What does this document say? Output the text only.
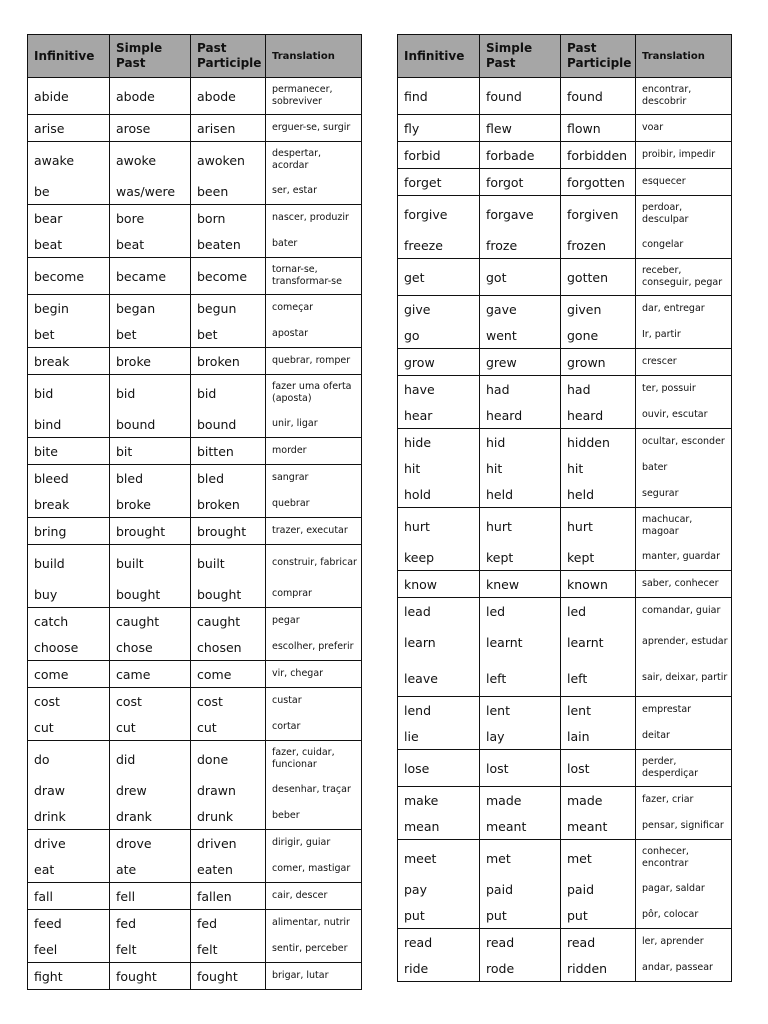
Infinitive	Simple Past	Past Participle	Translation
abide	abode	abode	permanecer, sobreviver
arise	arose	arisen	erguer-se, surgir
awake	awoke	awoken	despertar, acordar
be	was/were	been	ser, estar
bear	bore	born	nascer, produzir
beat	beat	beaten	bater
become	became	become	tornar-se, transformar-se
begin	began	begun	começar
bet	bet	bet	apostar
break	broke	broken	quebrar, romper
bid	bid	bid	fazer uma oferta (aposta)
bind	bound	bound	unir, ligar
bite	bit	bitten	morder
bleed	bled	bled	sangrar
break	broke	broken	quebrar
bring	brought	brought	trazer, executar
build	built	built	construir, fabricar
buy	bought	bought	comprar
catch	caught	caught	pegar
choose	chose	chosen	escolher, preferir
come	came	come	vir, chegar
cost	cost	cost	custar
cut	cut	cut	cortar
do	did	done	fazer, cuidar, funcionar
draw	drew	drawn	desenhar, traçar
drink	drank	drunk	beber
drive	drove	driven	dirigir, guiar
eat	ate	eaten	comer, mastigar
fall	fell	fallen	cair, descer
feed	fed	fed	alimentar, nutrir
feel	felt	felt	sentir, perceber
fight	fought	fought	brigar, lutar
Infinitive	Simple Past	Past Participle	Translation
find	found	found	encontrar, descobrir
fly	flew	flown	voar
forbid	forbade	forbidden	proibir, impedir
forget	forgot	forgotten	esquecer
forgive	forgave	forgiven	perdoar, desculpar
freeze	froze	frozen	congelar
get	got	gotten	receber, conseguir, pegar
give	gave	given	dar, entregar
go	went	gone	Ir, partir
grow	grew	grown	crescer
have	had	had	ter, possuir
hear	heard	heard	ouvir, escutar
hide	hid	hidden	ocultar, esconder
hit	hit	hit	bater
hold	held	held	segurar
hurt	hurt	hurt	machucar, magoar
keep	kept	kept	manter, guardar
know	knew	known	saber, conhecer
lead	led	led	comandar, guiar
learn	learnt	learnt	aprender, estudar
leave	left	left	sair, deixar, partir
lend	lent	lent	emprestar
lie	lay	lain	deitar
lose	lost	lost	perder, desperdiçar
make	made	made	fazer, criar
mean	meant	meant	pensar, significar
meet	met	met	conhecer, encontrar
pay	paid	paid	pagar, saldar
put	put	put	pôr, colocar
read	read	read	ler, aprender
ride	rode	ridden	andar, passear
